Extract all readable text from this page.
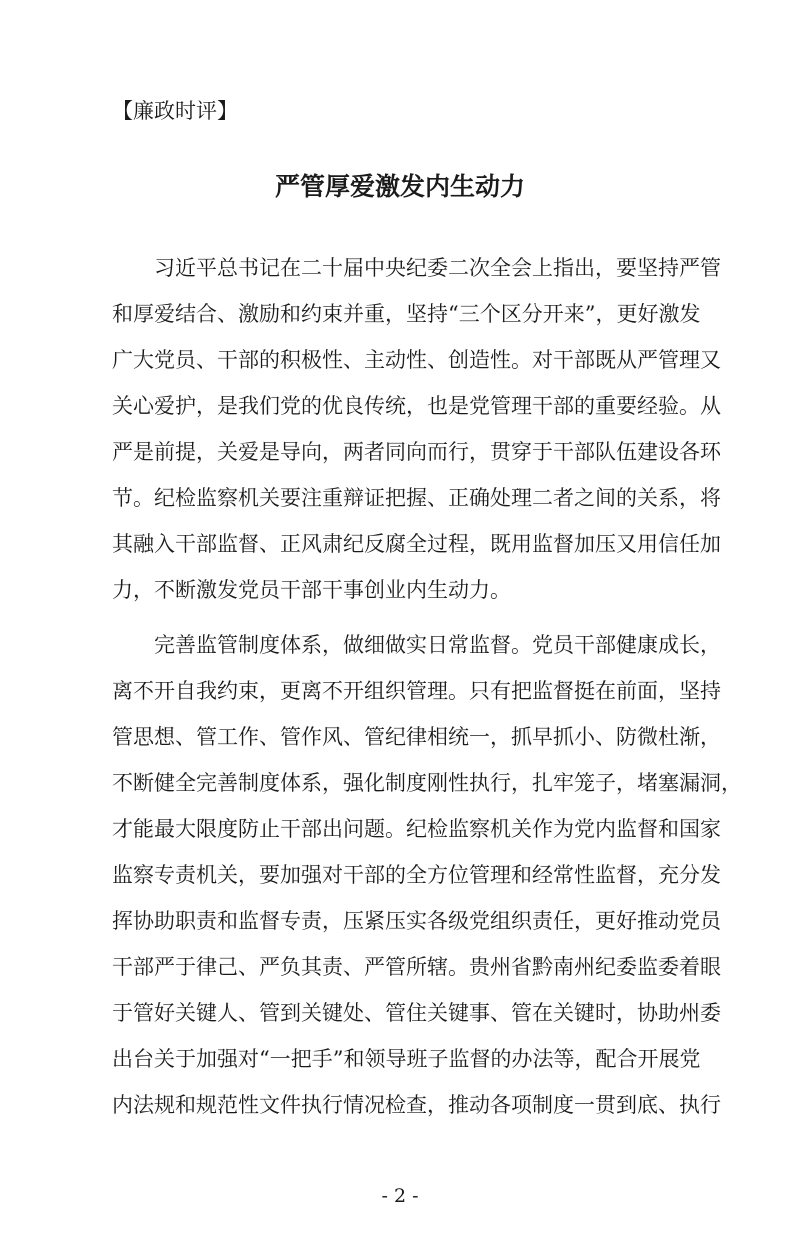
【廉政时评】
严管厚爱激发内生动力
习近平总书记在二十届中央纪委二次全会上指出，要坚持严管
和厚爱结合、激励和约束并重，坚持“三个区分开来”，更好激发
广大党员、干部的积极性、主动性、创造性。对干部既从严管理又
关心爱护，是我们党的优良传统，也是党管理干部的重要经验。从
严是前提，关爱是导向，两者同向而行，贯穿于干部队伍建设各环
节。纪检监察机关要注重辩证把握、正确处理二者之间的关系，将
其融入干部监督、正风肃纪反腐全过程，既用监督加压又用信任加
力，不断激发党员干部干事创业内生动力。
完善监管制度体系，做细做实日常监督。党员干部健康成长，
离不开自我约束，更离不开组织管理。只有把监督挺在前面，坚持
管思想、管工作、管作风、管纪律相统一，抓早抓小、防微杜渐，
不断健全完善制度体系，强化制度刚性执行，扎牢笼子，堵塞漏洞，
才能最大限度防止干部出问题。纪检监察机关作为党内监督和国家
监察专责机关，要加强对干部的全方位管理和经常性监督，充分发
挥协助职责和监督专责，压紧压实各级党组织责任，更好推动党员
干部严于律己、严负其责、严管所辖。贵州省黔南州纪委监委着眼
于管好关键人、管到关键处、管住关键事、管在关键时，协助州委
出台关于加强对“一把手”和领导班子监督的办法等，配合开展党
内法规和规范性文件执行情况检查，推动各项制度一贯到底、执行
- 2 -
